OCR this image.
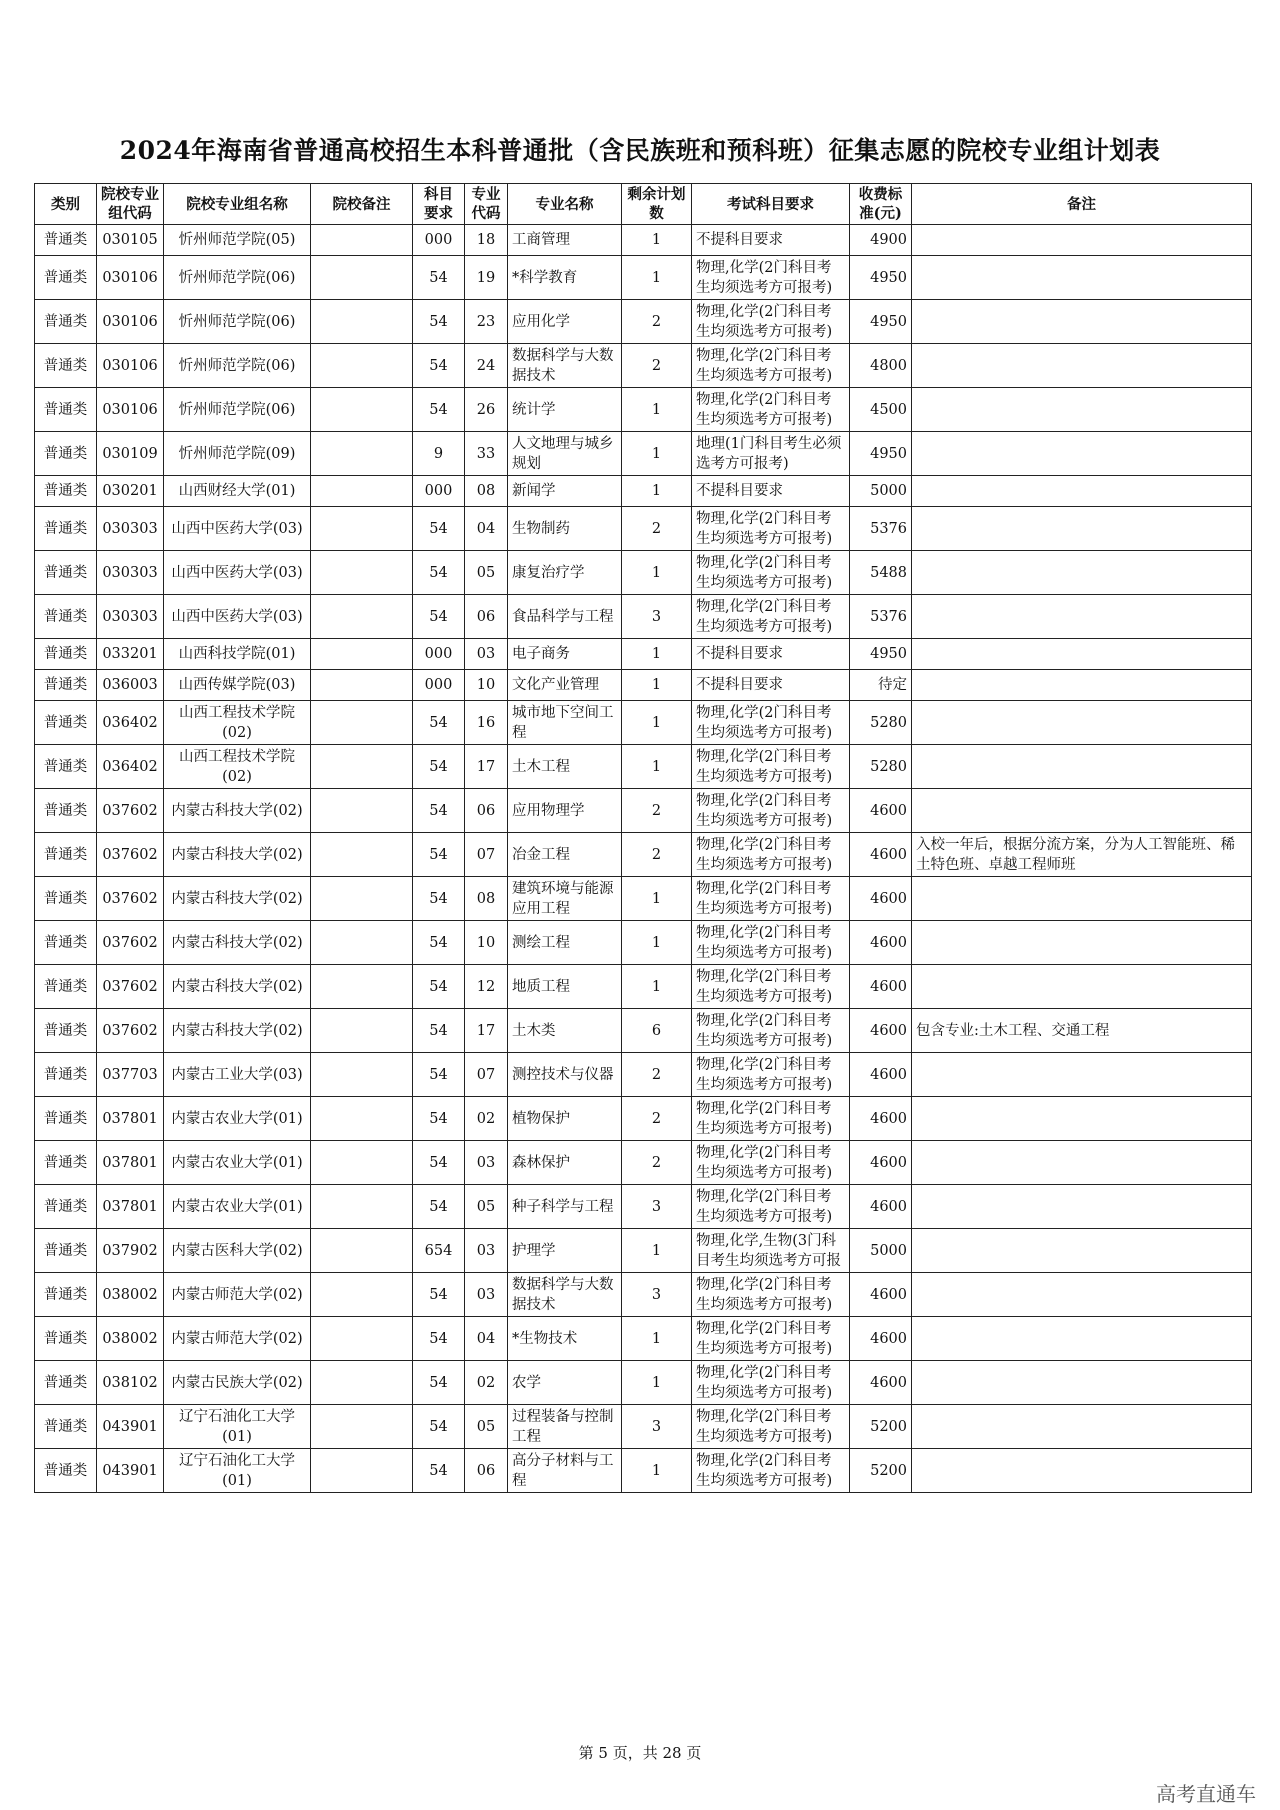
2024年海南省普通高校招生本科普通批（含民族班和预科班）征集志愿的院校专业组计划表
类别	院校专业组代码	院校专业组名称	院校备注	科目要求	专业代码	专业名称	剩余计划数	考试科目要求	收费标准(元)	备注
普通类	030105	忻州师范学院(05)		000	18	工商管理	1	不提科目要求	4900	
普通类	030106	忻州师范学院(06)		54	19	*科学教育	1	物理,化学(2门科目考生均须选考方可报考)	4950	
普通类	030106	忻州师范学院(06)		54	23	应用化学	2	物理,化学(2门科目考生均须选考方可报考)	4950	
普通类	030106	忻州师范学院(06)		54	24	数据科学与大数据技术	2	物理,化学(2门科目考生均须选考方可报考)	4800	
普通类	030106	忻州师范学院(06)		54	26	统计学	1	物理,化学(2门科目考生均须选考方可报考)	4500	
普通类	030109	忻州师范学院(09)		9	33	人文地理与城乡规划	1	地理(1门科目考生必须选考方可报考)	4950	
普通类	030201	山西财经大学(01)		000	08	新闻学	1	不提科目要求	5000	
普通类	030303	山西中医药大学(03)		54	04	生物制药	2	物理,化学(2门科目考生均须选考方可报考)	5376	
普通类	030303	山西中医药大学(03)		54	05	康复治疗学	1	物理,化学(2门科目考生均须选考方可报考)	5488	
普通类	030303	山西中医药大学(03)		54	06	食品科学与工程	3	物理,化学(2门科目考生均须选考方可报考)	5376	
普通类	033201	山西科技学院(01)		000	03	电子商务	1	不提科目要求	4950	
普通类	036003	山西传媒学院(03)		000	10	文化产业管理	1	不提科目要求	待定	
普通类	036402	山西工程技术学院(02)		54	16	城市地下空间工程	1	物理,化学(2门科目考生均须选考方可报考)	5280	
普通类	036402	山西工程技术学院(02)		54	17	土木工程	1	物理,化学(2门科目考生均须选考方可报考)	5280	
普通类	037602	内蒙古科技大学(02)		54	06	应用物理学	2	物理,化学(2门科目考生均须选考方可报考)	4600	
普通类	037602	内蒙古科技大学(02)		54	07	冶金工程	2	物理,化学(2门科目考生均须选考方可报考)	4600	入校一年后，根据分流方案，分为人工智能班、稀土特色班、卓越工程师班
普通类	037602	内蒙古科技大学(02)		54	08	建筑环境与能源应用工程	1	物理,化学(2门科目考生均须选考方可报考)	4600	
普通类	037602	内蒙古科技大学(02)		54	10	测绘工程	1	物理,化学(2门科目考生均须选考方可报考)	4600	
普通类	037602	内蒙古科技大学(02)		54	12	地质工程	1	物理,化学(2门科目考生均须选考方可报考)	4600	
普通类	037602	内蒙古科技大学(02)		54	17	土木类	6	物理,化学(2门科目考生均须选考方可报考)	4600	包含专业:土木工程、交通工程
普通类	037703	内蒙古工业大学(03)		54	07	测控技术与仪器	2	物理,化学(2门科目考生均须选考方可报考)	4600	
普通类	037801	内蒙古农业大学(01)		54	02	植物保护	2	物理,化学(2门科目考生均须选考方可报考)	4600	
普通类	037801	内蒙古农业大学(01)		54	03	森林保护	2	物理,化学(2门科目考生均须选考方可报考)	4600	
普通类	037801	内蒙古农业大学(01)		54	05	种子科学与工程	3	物理,化学(2门科目考生均须选考方可报考)	4600	
普通类	037902	内蒙古医科大学(02)		654	03	护理学	1	物理,化学,生物(3门科目考生均须选考方可报	5000	
普通类	038002	内蒙古师范大学(02)		54	03	数据科学与大数据技术	3	物理,化学(2门科目考生均须选考方可报考)	4600	
普通类	038002	内蒙古师范大学(02)		54	04	*生物技术	1	物理,化学(2门科目考生均须选考方可报考)	4600	
普通类	038102	内蒙古民族大学(02)		54	02	农学	1	物理,化学(2门科目考生均须选考方可报考)	4600	
普通类	043901	辽宁石油化工大学(01)		54	05	过程装备与控制工程	3	物理,化学(2门科目考生均须选考方可报考)	5200	
普通类	043901	辽宁石油化工大学(01)		54	06	高分子材料与工程	1	物理,化学(2门科目考生均须选考方可报考)	5200	
第 5 页，共 28 页
高考直通车
